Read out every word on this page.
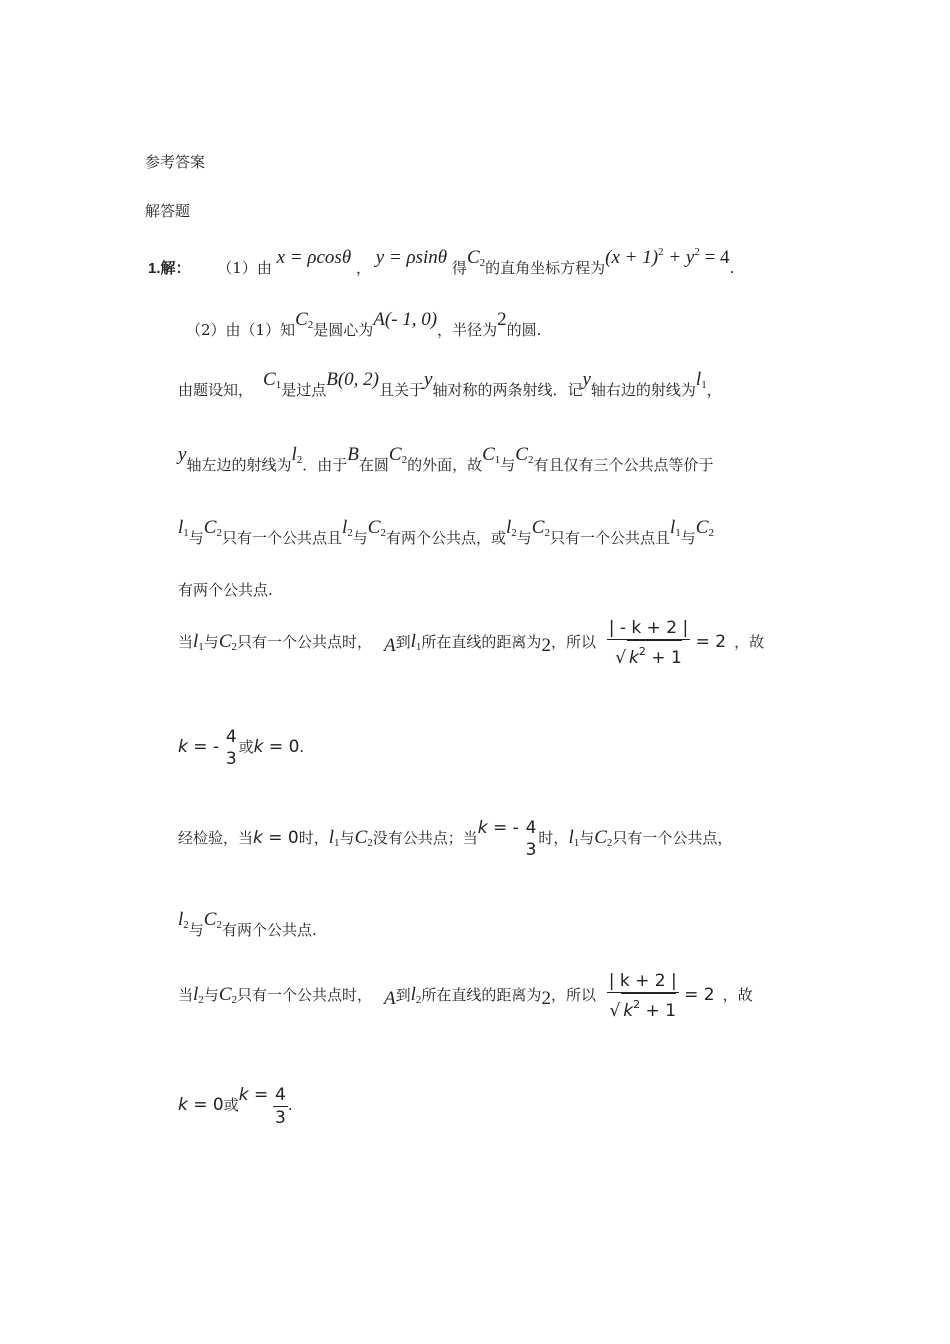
参考答案
解答题
1.解： （1）由 x = ρcosθ ， y = ρsinθ 得$C_2$的直角坐标方程为$(x + 1)^2 + y^2 = 4$.
（2）由（1）知$C_2$是圆心为A(- 1, 0)，半径为2的圆.
由题设知， $C_1$是过点B(0, 2)且关于y轴对称的两条射线．记y轴右边的射线为$l_1$，
y轴左边的射线为$l_2$．由于B在圆$C_2$的外面，故$C_1$与$C_2$有且仅有三个公共点等价于
$l_1$与$C_2$只有一个公共点且$l_2$与$C_2$有两个公共点，或$l_2$与$C_2$只有一个公共点且$l_1$与$C_2$
有两个公共点.
当$l_1$与$C_2$只有一个公共点时， A到$l_1$所在直线的距离为2，所以 $\frac{| - k + 2 |}{√ k^2 + 1} = 2$ ，故
k = - 4
3
或k = 0.
经检验，当k = 0时，$l_1$与$C_2$没有公共点；当k = - 4
3
时，$l_1$与$C_2$只有一个公共点，
$l_2$与$C_2$有两个公共点.
当$l_2$与$C_2$只有一个公共点时， A到$l_2$所在直线的距离为2，所以 $\frac{| k + 2 |}{√ k^2 + 1} = 2$ ，故
k = 0或$k = \frac{4}{3}$ .
